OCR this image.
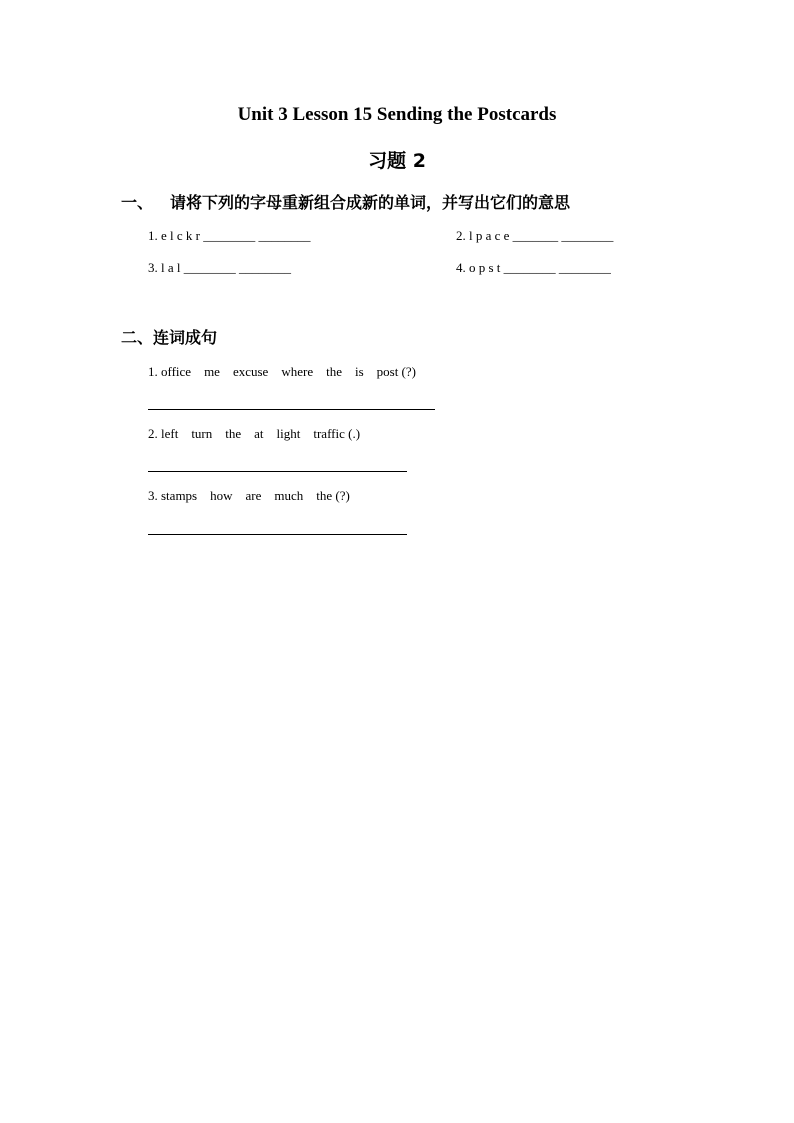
Unit 3 Lesson 15 Sending the Postcards
习题 2
一、 请将下列的字母重新组合成新的单词，并写出它们的意思
1. e l c k r ________ ________	2. l p a c e _______ ________
3. l a l ________ ________	4. o p s t ________ ________
二、连词成句
1. office    me    excuse    where    the    is    post (?)
2. left    turn    the    at    light    traffic (.)
3. stamps    how    are    much    the (?)
